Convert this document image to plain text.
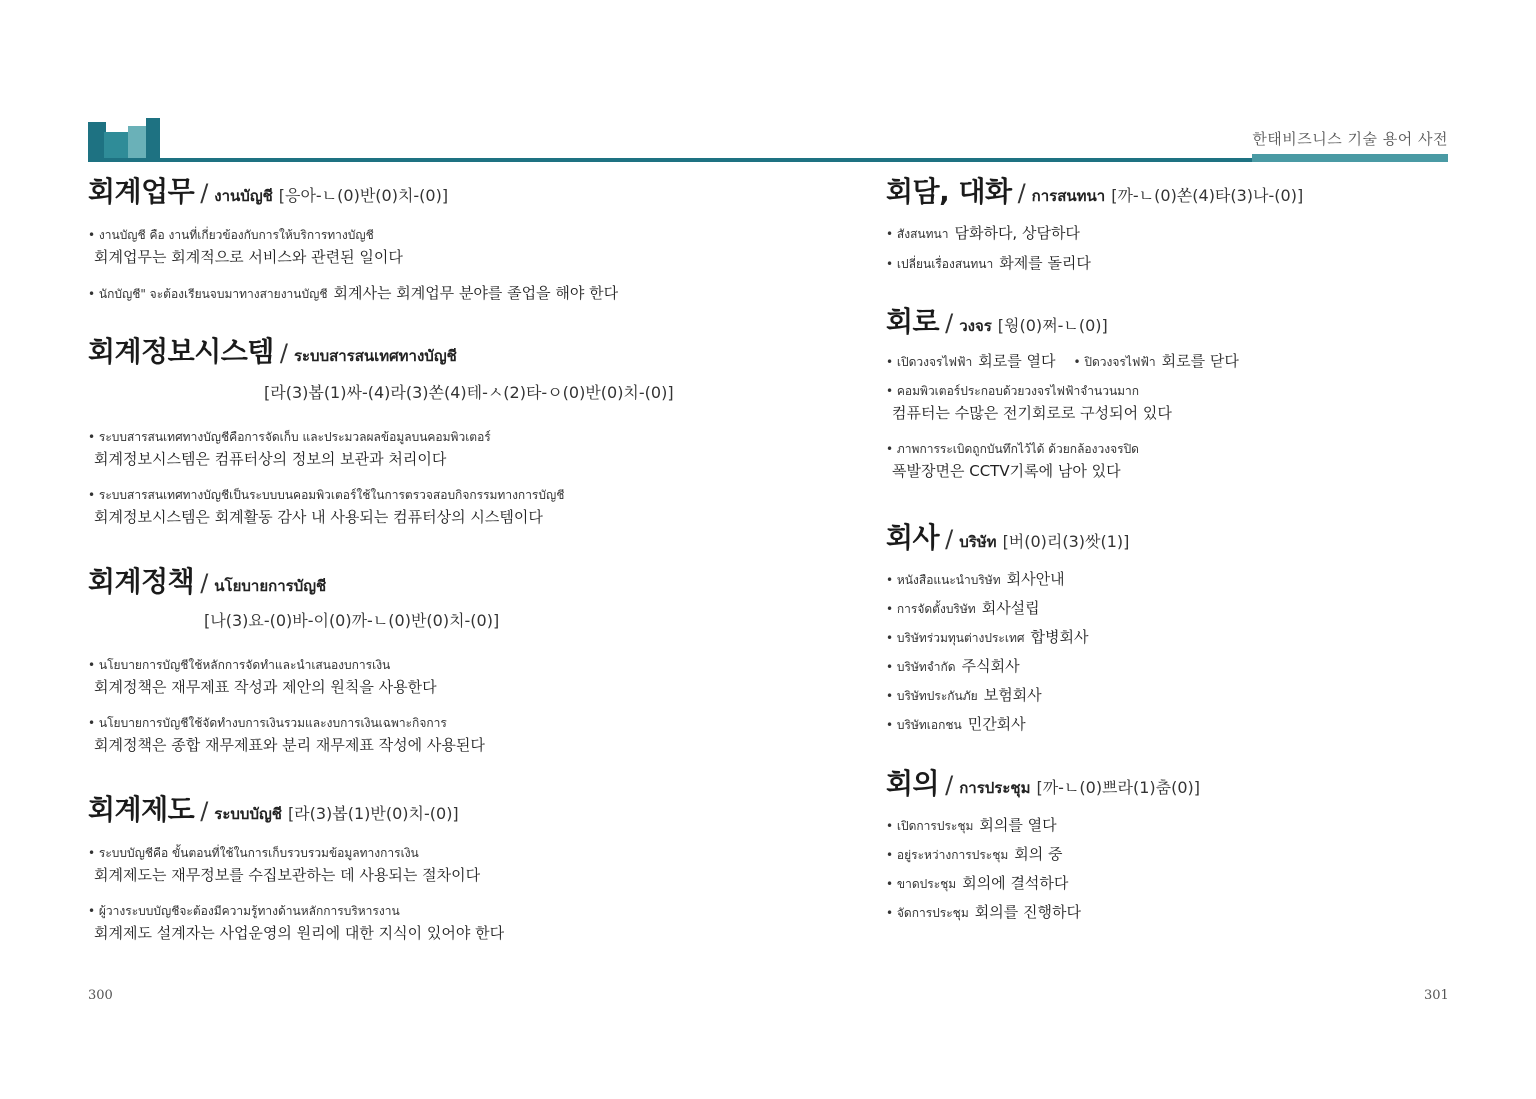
한태비즈니스 기술 용어 사전
회계업무 / งานบัญชี [응아-ㄴ(0)반(0)치-(0)]
• งานบัญชี คือ งานที่เกี่ยวข้องกับการให้บริการทางบัญชี
회계업무는 회계적으로 서비스와 관련된 일이다
• นักบัญชี" จะต้องเรียนจบมาทางสายงานบัญชี 회계사는 회계업무 분야를 졸업을 해야 한다
회계정보시스템 / ระบบสารสนเทศทางบัญชี
[라(3)봅(1)싸-(4)라(3)쏜(4)테-ㅅ(2)타-ㅇ(0)반(0)치-(0)]
• ระบบสารสนเทศทางบัญชีคือการจัดเก็บ และประมวลผลข้อมูลบนคอมพิวเตอร์
회계정보시스템은 컴퓨터상의 정보의 보관과 처리이다
• ระบบสารสนเทศทางบัญชีเป็นระบบบนคอมพิวเตอร์ใช้ในการตรวจสอบกิจกรรมทางการบัญชี
회계정보시스템은 회계활동 감사 내 사용되는 컴퓨터상의 시스템이다
회계정책 / นโยบายการบัญชี
[나(3)요-(0)바-이(0)까-ㄴ(0)반(0)치-(0)]
• นโยบายการบัญชีใช้หลักการจัดทำและนำเสนองบการเงิน
회계정책은 재무제표 작성과 제안의 원칙을 사용한다
• นโยบายการบัญชีใช้จัดทำงบการเงินรวมและงบการเงินเฉพาะกิจการ
회계정책은 종합 재무제표와 분리 재무제표 작성에 사용된다
회계제도 / ระบบบัญชี [라(3)봅(1)반(0)치-(0)]
• ระบบบัญชีคือ ขั้นตอนที่ใช้ในการเก็บรวบรวมข้อมูลทางการเงิน
회계제도는 재무정보를 수집보관하는 데 사용되는 절차이다
• ผู้วางระบบบัญชีจะต้องมีความรู้ทางด้านหลักการบริหารงาน
회계제도 설계자는 사업운영의 원리에 대한 지식이 있어야 한다
회담, 대화 / การสนทนา [까-ㄴ(0)쏜(4)타(3)나-(0)]
• สังสนทนา 담화하다, 상담하다
• เปลี่ยนเรื่องสนทนา 화제를 돌리다
회로 / วงจร [웡(0)쩌-ㄴ(0)]
• เปิดวงจรไฟฟ้า 회로를 열다 • ปิดวงจรไฟฟ้า 회로를 닫다
• คอมพิวเตอร์ประกอบด้วยวงจรไฟฟ้าจำนวนมาก
컴퓨터는 수많은 전기회로로 구성되어 있다
• ภาพการระเบิดถูกบันทึกไว้ได้ ด้วยกล้องวงจรปิด
폭발장면은 CCTV기록에 남아 있다
회사 / บริษัท [버(0)리(3)쌋(1)]
• หนังสือแนะนำบริษัท 회사안내
• การจัดตั้งบริษัท 회사설립
• บริษัทร่วมทุนต่างประเทศ 합병회사
• บริษัทจำกัด 주식회사
• บริษัทประกันภัย 보험회사
• บริษัทเอกชน 민간회사
회의 / การประชุม [까-ㄴ(0)쁘라(1)춤(0)]
• เปิดการประชุม 회의를 열다
• อยู่ระหว่างการประชุม 회의 중
• ขาดประชุม 회의에 결석하다
• จัดการประชุม 회의를 진행하다
300	301
